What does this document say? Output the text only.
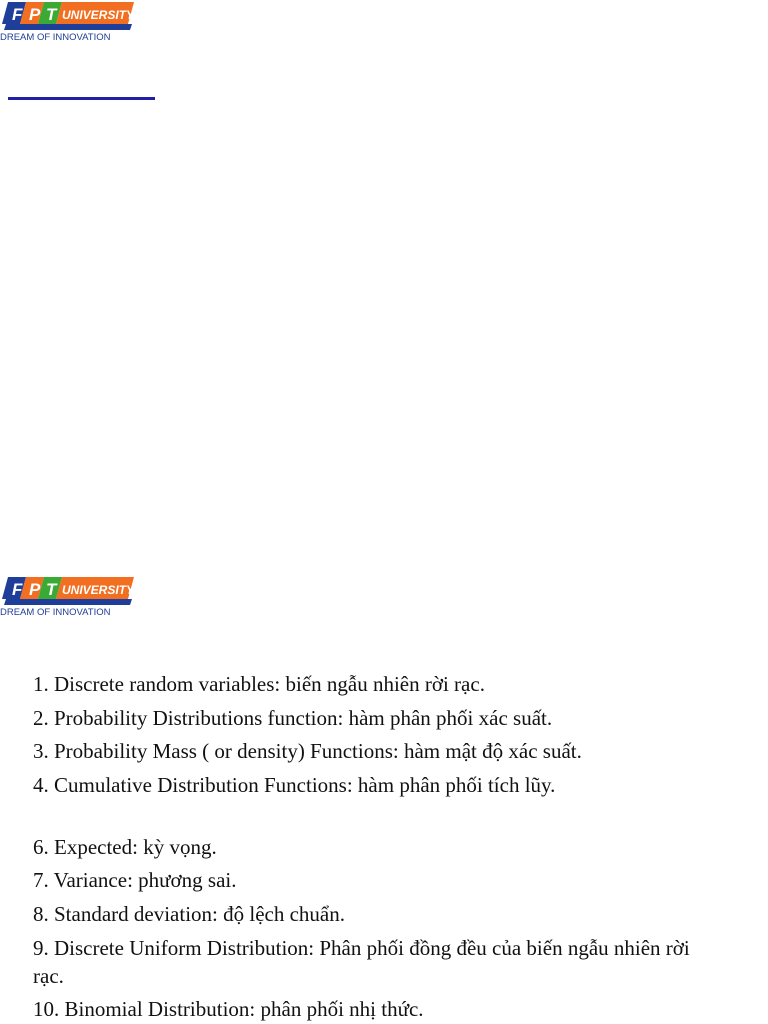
F P T UNIVERSITY
DREAM OF INNOVATION
F P T UNIVERSITY
DREAM OF INNOVATION
1. Discrete random variables: biến ngẫu nhiên rời rạc.
2. Probability Distributions function: hàm phân phối xác suất.
3. Probability Mass ( or density) Functions: hàm mật độ xác suất.
4. Cumulative Distribution Functions: hàm phân phối tích lũy.
6. Expected: kỳ vọng.
7. Variance: phương sai.
8. Standard deviation: độ lệch chuẩn.
9. Discrete Uniform Distribution: Phân phối đồng đều của biến ngẫu nhiên rời rạc.
10. Binomial Distribution: phân phối nhị thức.
